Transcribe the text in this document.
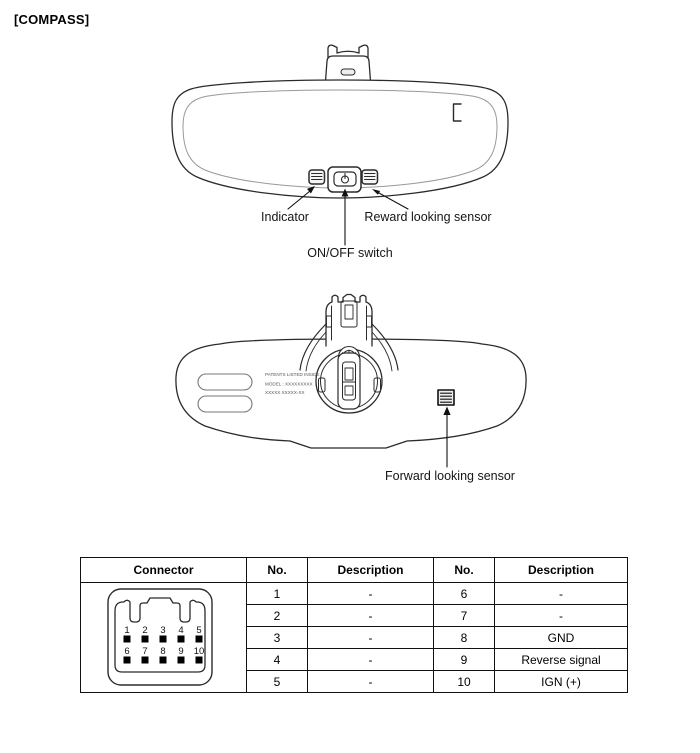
[COMPASS]
PATENTS LISTED INSIDE
MODEL : XXXXXXXXX
XXXXX XXXXX-XX
Indicator	Reward looking sensor
ON/OFF switch
Forward looking sensor
Connector	No.	Description	No.	Description

1 2 3 4 5
6 7 8 9 10
	1	-	6	-
	2	-	7	-
	3	-	8	GND
	4	-	9	Reverse signal
	5	-	10	IGN (+)
